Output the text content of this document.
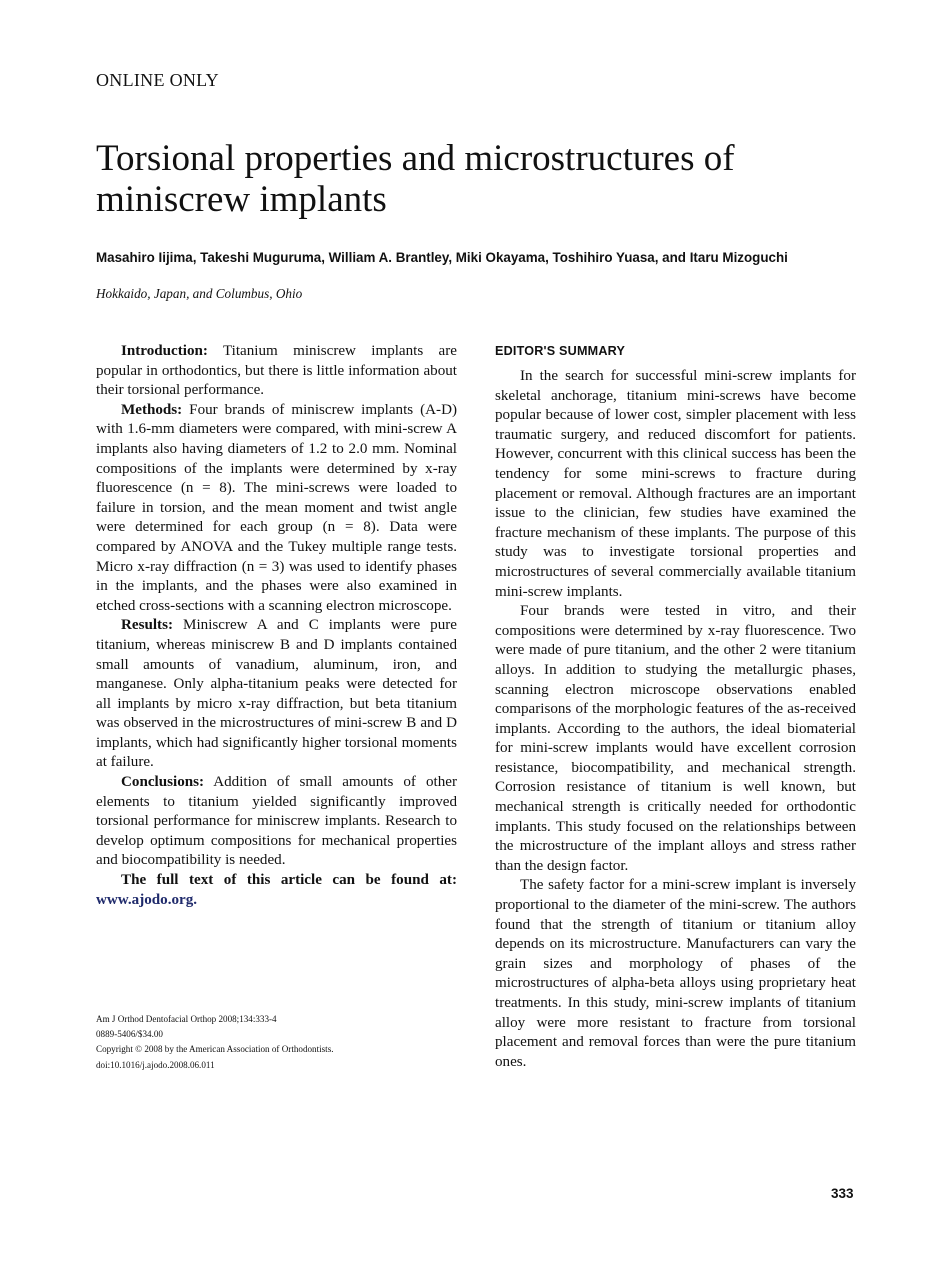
ONLINE ONLY
Torsional properties and microstructures of miniscrew implants
Masahiro Iijima, Takeshi Muguruma, William A. Brantley, Miki Okayama, Toshihiro Yuasa, and Itaru Mizoguchi
Hokkaido, Japan, and Columbus, Ohio

Introduction: Titanium miniscrew implants are popular in orthodontics, but there is little information about their torsional performance.

Methods: Four brands of miniscrew implants (A-D) with 1.6-mm diameters were compared, with mini-screw A implants also having diameters of 1.2 to 2.0 mm. Nominal compositions of the implants were determined by x-ray fluorescence (n = 8). The mini-screws were loaded to failure in torsion, and the mean moment and twist angle were determined for each group (n = 8). Data were compared by ANOVA and the Tukey multiple range tests. Micro x-ray diffraction (n = 3) was used to identify phases in the implants, and the phases were also examined in etched cross-sections with a scanning electron microscope.

Results: Miniscrew A and C implants were pure titanium, whereas miniscrew B and D implants contained small amounts of vanadium, aluminum, iron, and manganese. Only alpha-titanium peaks were detected for all implants by micro x-ray diffraction, but beta titanium was observed in the microstructures of mini-screw B and D implants, which had significantly higher torsional moments at failure.

Conclusions: Addition of small amounts of other elements to titanium yielded significantly improved torsional performance for miniscrew implants. Research to develop optimum compositions for mechanical properties and biocompatibility is needed.

The full text of this article can be found at: www.ajodo.org.

Am J Orthod Dentofacial Orthop 2008;134:333-4
0889-5406/$34.00
Copyright © 2008 by the American Association of Orthodontists.
doi:10.1016/j.ajodo.2008.06.011
EDITOR'S SUMMARY

In the search for successful mini-screw implants for skeletal anchorage, titanium mini-screws have become popular because of lower cost, simpler placement with less traumatic surgery, and reduced discomfort for patients. However, concurrent with this clinical success has been the tendency for some mini-screws to fracture during placement or removal. Although fractures are an important issue to the clinician, few studies have examined the fracture mechanism of these implants. The purpose of this study was to investigate torsional properties and microstructures of several commercially available titanium mini-screw implants.

Four brands were tested in vitro, and their compositions were determined by x-ray fluorescence. Two were made of pure titanium, and the other 2 were titanium alloys. In addition to studying the metallurgic phases, scanning electron microscope observations enabled comparisons of the morphologic features of the as-received implants. According to the authors, the ideal biomaterial for mini-screw implants would have excellent corrosion resistance, biocompatibility, and mechanical strength. Corrosion resistance of titanium is well known, but mechanical strength is critically needed for orthodontic implants. This study focused on the relationships between the microstructure of the implant alloys and stress rather than the design factor.

The safety factor for a mini-screw implant is inversely proportional to the diameter of the mini-screw. The authors found that the strength of titanium or titanium alloy depends on its microstructure. Manufacturers can vary the grain sizes and morphology of phases of the microstructures of alpha-beta alloys using proprietary heat treatments. In this study, mini-screw implants of titanium alloy were more resistant to fracture from torsional placement and removal forces than were the pure titanium ones.

333
